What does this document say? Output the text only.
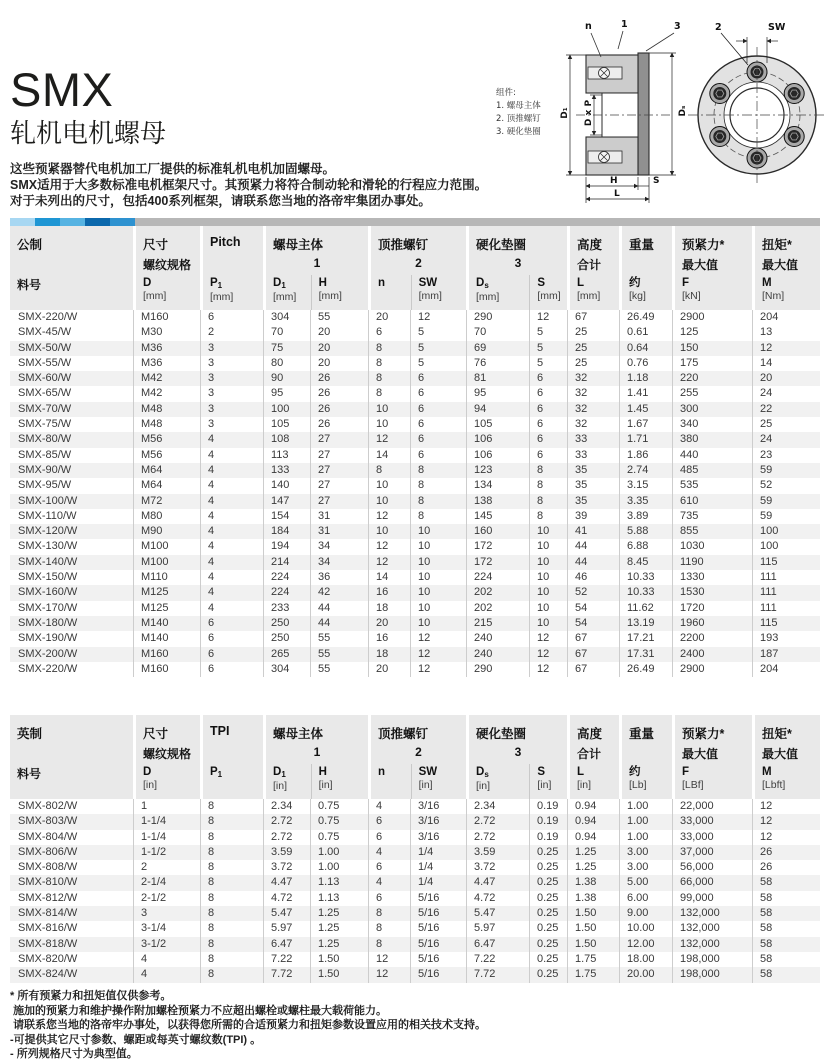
SMX
轧机电机螺母

这些预紧器替代电机加工厂提供的标准轧机电机加固螺母。

SMX适用于大多数标准电机框架尺寸。其预紧力将符合制动轮和滑轮的行程应力范围。

对于未列出的尺寸，包括400系列框架，请联系您当地的洛帝牢集团办事处。

组件:
1. 螺母主体
2. 顶推螺钉
3. 硬化垫圈
D₁ D x P	Dₛ
H	S
L
n	1	3	2	SW
公制

料号
尺寸
螺纹规格
D
[mm]
Pitch

P1
[mm]
螺母主体
1
D1
[mm]
H
[mm]
顶推螺钉
2
n
	SW
[mm]
硬化垫圈
3
Ds
[mm]
S
[mm]
高度
合计
L
[mm]
重量

约
[kg]
预紧力*
最大值
F
[kN]
扭矩*
最大值
M
[Nm]
SMX-220/W	M160	6	304	55	20	12	290	12	67	26.49	2900	204
SMX-45/W	M30	2	70	20	6	5	70	5	25	0.61	125	13
SMX-50/W	M36	3	75	20	8	5	69	5	25	0.64	150	12
SMX-55/W	M36	3	80	20	8	5	76	5	25	0.76	175	14
SMX-60/W	M42	3	90	26	8	6	81	6	32	1.18	220	20
SMX-65/W	M42	3	95	26	8	6	95	6	32	1.41	255	24
SMX-70/W	M48	3	100	26	10	6	94	6	32	1.45	300	22
SMX-75/W	M48	3	105	26	10	6	105	6	32	1.67	340	25
SMX-80/W	M56	4	108	27	12	6	106	6	33	1.71	380	24
SMX-85/W	M56	4	113	27	14	6	106	6	33	1.86	440	23
SMX-90/W	M64	4	133	27	8	8	123	8	35	2.74	485	59
SMX-95/W	M64	4	140	27	10	8	134	8	35	3.15	535	52
SMX-100/W	M72	4	147	27	10	8	138	8	35	3.35	610	59
SMX-110/W	M80	4	154	31	12	8	145	8	39	3.89	735	59
SMX-120/W	M90	4	184	31	10	10	160	10	41	5.88	855	100
SMX-130/W	M100	4	194	34	12	10	172	10	44	6.88	1030	100
SMX-140/W	M100	4	214	34	12	10	172	10	44	8.45	1190	115
SMX-150/W	M110	4	224	36	14	10	224	10	46	10.33	1330	111
SMX-160/W	M125	4	224	42	16	10	202	10	52	10.33	1530	111
SMX-170/W	M125	4	233	44	18	10	202	10	54	11.62	1720	111
SMX-180/W	M140	6	250	44	20	10	215	10	54	13.19	1960	115
SMX-190/W	M140	6	250	55	16	12	240	12	67	17.21	2200	193
SMX-200/W	M160	6	265	55	18	12	240	12	67	17.31	2400	187
SMX-220/W	M160	6	304	55	20	12	290	12	67	26.49	2900	204
英制

料号
尺寸
螺纹规格
D
[in]
TPI

P1

螺母主体
1
D1
[in]
H
[in]
顶推螺钉
2
n
	SW
[in]
硬化垫圈
3
Ds
[in]
S
[in]
高度
合计
L
[in]
重量

约
[Lb]
预紧力*
最大值
F
[LBf]
扭矩*
最大值
M
[Lbft]
SMX-802/W	1	8	2.34	0.75	4	3/16	2.34	0.19	0.94	1.00	22,000	12
SMX-803/W	1-1/4	8	2.72	0.75	6	3/16	2.72	0.19	0.94	1.00	33,000	12
SMX-804/W	1-1/4	8	2.72	0.75	6	3/16	2.72	0.19	0.94	1.00	33,000	12
SMX-806/W	1-1/2	8	3.59	1.00	4	1/4	3.59	0.25	1.25	3.00	37,000	26
SMX-808/W	2	8	3.72	1.00	6	1/4	3.72	0.25	1.25	3.00	56,000	26
SMX-810/W	2-1/4	8	4.47	1.13	4	1/4	4.47	0.25	1.38	5.00	66,000	58
SMX-812/W	2-1/2	8	4.72	1.13	6	5/16	4.72	0.25	1.38	6.00	99,000	58
SMX-814/W	3	8	5.47	1.25	8	5/16	5.47	0.25	1.50	9.00	132,000	58
SMX-816/W	3-1/4	8	5.97	1.25	8	5/16	5.97	0.25	1.50	10.00	132,000	58
SMX-818/W	3-1/2	8	6.47	1.25	8	5/16	6.47	0.25	1.50	12.00	132,000	58
SMX-820/W	4	8	7.22	1.50	12	5/16	7.22	0.25	1.75	18.00	198,000	58
SMX-824/W	4	8	7.72	1.50	12	5/16	7.72	0.25	1.75	20.00	198,000	58
* 所有预紧力和扭矩值仅供参考。
施加的预紧力和维护操作附加螺栓预紧力不应超出螺栓或螺柱最大载荷能力。
请联系您当地的洛帝牢办事处，以获得您所需的合适预紧力和扭矩参数设置应用的相关技术支持。
-可提供其它尺寸参数、螺距或每英寸螺纹数(TPI) 。
- 所列规格尺寸为典型值。
